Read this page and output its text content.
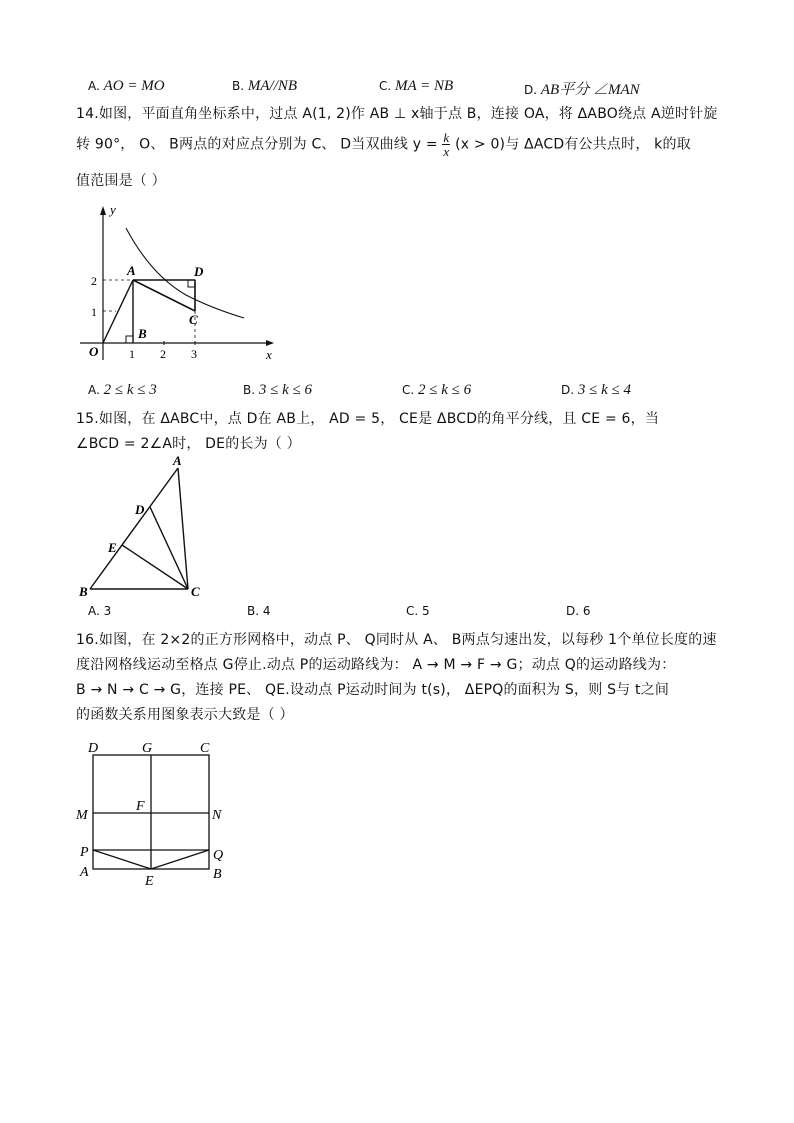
A. AO = MO	B. MA//NB	C. MA = NB	D. AB平分 ∠MAN
14.如图，平面直角坐标系中，过点 A(1, 2)作 AB ⊥ x轴于点 B，连接 OA，将 ΔABO绕点 A逆时针旋
转 90°， O、 B两点的对应点分别为 C、 D当双曲线 $y = \frac{k}{x} (x > 0)$与 ΔACD有公共点时， k的取
值范围是（ ）
y
x
O	1 2 3
1
2
A
B
C
D
A. 2 ≤ k ≤ 3	B. 3 ≤ k ≤ 6	C. 2 ≤ k ≤ 6	D. 3 ≤ k ≤ 4
15.如图，在 ΔABC中，点 D在 AB上， AD = 5， CE是 ΔBCD的角平分线，且 CE = 6，当
∠BCD = 2∠A时， DE的长为（ ）
A
D
E
B	C
A. 3	B. 4	C. 5	D. 6
16.如图，在 2×2的正方形网格中，动点 P、 Q同时从 A、 B两点匀速出发，以每秒 1个单位长度的速
度沿网格线运动至格点 G停止.动点 P的运动路线为： A → M → F → G；动点 Q的运动路线为：
B → N → C → G，连接 PE、 QE.设动点 P运动时间为 t(s)， ΔEPQ的面积为 S，则 S与 t之间
的函数关系用图象表示大致是（ ）
D	G	C
M
F
N
P	Q
A
E	B
